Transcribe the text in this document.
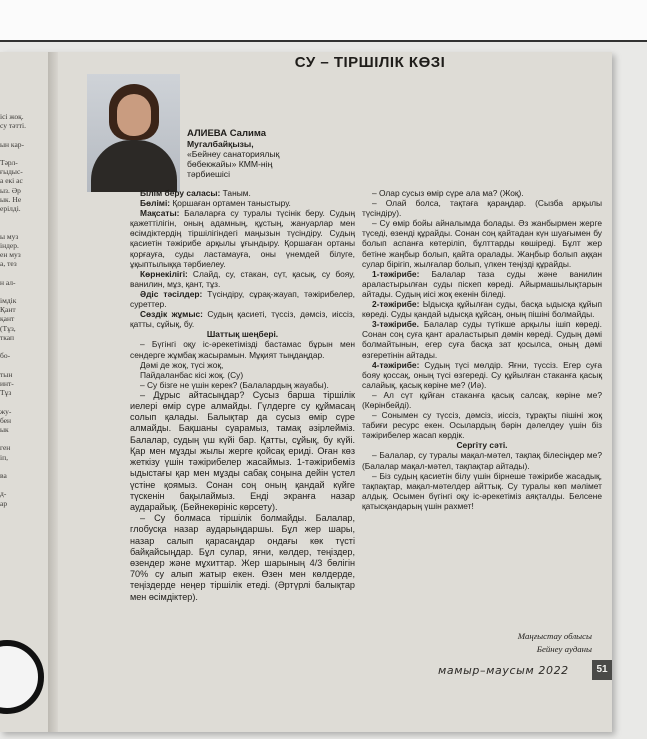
ісі жоқ.
су тәтті.

ын кар-

Тәрл-
ғыдыс-
а екі ас
ыз. Әр
ык. Не
ерілді.

ы муз
індер.
ен муз
а, тез

н ал-

імдік
Қант
қант
(Тұз,
ткап

бо-

тын
инт-
Тұз

жу-
бен
ык

ген
іп,

ва

д-
ар
СУ – ТІРШІЛІК КӨЗІ
АЛИЕВА Салима
Мугалбайқызы,
«Бейнеу санаториялық
бөбекжайы» КММ-нің
тәрбиешісі

Білім беру саласы: Таным.

Бөлімі: Қоршаған ортамен таныстыру.

Мақсаты: Балаларға су туралы түсінік беру. Судың қажеттілігін, оның адамның, құстың, жануарлар мен өсімдіктердің тіршілігіндегі маңызын түсіндіру. Судың қасиетін тәжірибе арқылы ұғындыру. Қоршаған ортаны қорғауға, суды ластамауға, оны үнемдей білуге, ұқыптылыққа тәрбиелеу.

Көрнекілігі: Слайд, су, стакан, сүт, қасық, су бояу, ванилин, мұз, қант, тұз.

Әдіс тәсілдер: Түсіндіру, сұрақ-жауап, тәжірибелер, суреттер.

Сөздік жұмыс: Судың қасиеті, түссіз, дәмсіз, иіссіз, қатты, сұйық, бу.

Шаттық шеңбері.

– Бүгінгі оқу іс-әрекетімізді бастамас бұрын мен сендерге жұмбақ жасырамын. Мұқият тыңдаңдар.

Дәмі де жоқ, түсі жоқ,

Пайдаланбас кісі жоқ. (Су)

– Су бізге не үшін керек? (Балалардың жауабы).

– Дұрыс айтасыңдар? Сусыз барша тіршілік иелері өмір сүре алмайды. Гүлдерге су құймасаң солып қалады. Балықтар да сусыз өмір сүре алмайды. Бақшаны суарамыз, тамақ әзірлейміз. Балалар, судың үш күйі бар. Қатты, сұйық, бу күйі. Қар мен мұзды жылы жерге қойсақ ериді. Оған көз жеткізу үшін тәжірибелер жасаймыз. 1-тәжірибеміз ыдыстағы қар мен мұзды сабақ соңына дейін үстел үстіне қоямыз. Сонан соң оның қандай күйге түскенін бақылаймыз. Енді экранға назар аударайық. (Бейнекөрініс көрсету).

– Су болмаса тіршілік болмайды. Балалар, глобусқа назар аударыңдаршы. Бұл жер шары, назар салып қарасаңдар ондағы көк түсті байқайсыңдар. Бұл сулар, яғни, көлдер, теңіздер, өзендер және мұхиттар. Жер шарының 4/3 бөлігін 70% су алып жатыр екен. Өзен мен көлдерде, теңіздерде неңер тіршілік етеді. (Әртүрлі балықтар мен өсімдіктер).

– Олар сусыз өмір сүре ала ма? (Жоқ).

– Олай болса, тақтаға қараңдар. (Сызба арқылы түсіндіру).

– Су өмір бойы айналымда болады. Әз жанбырмен жерге түседі, өзенді құрайды. Сонан соң қайтадан күн шуағымен бу болып аспанға көтеріліп, бұлттарды көшіреді. Бұлт жер бетіне жаңбыр болып, қайта оралады. Жаңбыр болып аққан сулар бірігіп, жылғалар болып, үлкен теңізді құрайды.

1-тәжірибе: Балалар таза суды және ванилин араластырылған суды піскеп көреді. Айырмашылықтарын айтады. Судың иісі жоқ екенін біледі.

2-тәжірибе: Ыдысқа құйылған суды, басқа ыдысқа құйып көреді. Суды қандай ыдысқа құйсаң, оның пішіні болмайды.

3-тәжірибе. Балалар суды түтікше арқылы ішіп көреді. Сонан соң суға қант араластырып дәмін көреді. Судың дәмі болмайтынын, егер суға басқа зат қосылса, оның дәмі өзгеретінін айтады.

4-тәжірибе: Судың түсі мөлдір. Яғни, түссіз. Егер суға бояу қоссақ, оның түсі өзгереді. Су құйылған стаканға қасық салайық, қасық көріне ме? (Иә).

– Ал сүт құйған стаканға қасық салсақ, көріне ме? (Көрінбейді).

– Сонымен су түссіз, дәмсіз, иіссіз, тұрақты пішіні жоқ табиғи ресурс екен. Осылардың бәрін дәлелдеу үшін біз тәжірибелер жасап көрдік.

Сергіту сәті.

– Балалар, су туралы мақал-мәтел, тақпақ білесіңдер ме? (Балалар мақал-мәтел, тақпақтар айтады).

– Біз судың қасиетін білу үшін бірнеше тәжірибе жасадық, тақпақтар, мақал-мәтелдер айттық. Су туралы көп мәлімет алдық. Осымен бүгінгі оқу іс-әрекетіміз аяқталды. Белсене қатысқандарың үшін рахмет!

Маңғыстау облысы
Бейнеу ауданы
мамыр–маусым 2022	51
